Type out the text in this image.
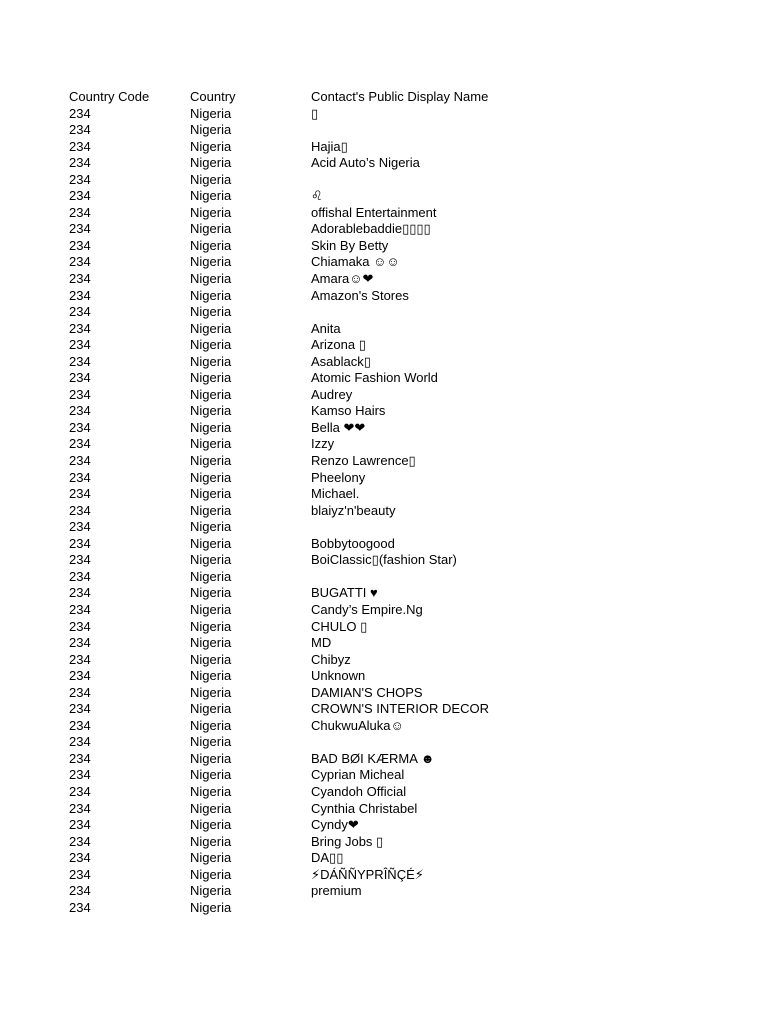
Country Code	Country	Contact's Public Display Name
234	Nigeria	▯
234	Nigeria
234	Nigeria	Hajia▯
234	Nigeria	Acid Auto’s Nigeria
234	Nigeria
234	Nigeria	♌
234	Nigeria	offishal Entertainment
234	Nigeria	Adorablebaddie▯▯▯▯
234	Nigeria	Skin By Betty
234	Nigeria	Chiamaka ☺☺
234	Nigeria	Amara☺❤
234	Nigeria	Amazon's Stores
234	Nigeria
234	Nigeria	Anita
234	Nigeria	Arizona ▯
234	Nigeria	Asablack▯
234	Nigeria	Atomic Fashion World
234	Nigeria	Audrey
234	Nigeria	Kamso Hairs
234	Nigeria	Bella ❤❤
234	Nigeria	Izzy
234	Nigeria	Renzo Lawrence▯
234	Nigeria	Pheelony
234	Nigeria	Michael.
234	Nigeria	blaiyz'n'beauty
234	Nigeria
234	Nigeria	Bobbytoogood
234	Nigeria	BoiClassic▯(fashion Star)
234	Nigeria
234	Nigeria	BUGATTI ♥
234	Nigeria	Candy’s Empire.Ng
234	Nigeria	CHULO ▯
234	Nigeria	MD
234	Nigeria	Chibyz
234	Nigeria	Unknown
234	Nigeria	DAMIAN'S CHOPS
234	Nigeria	CROWN'S INTERIOR DECOR
234	Nigeria	ChukwuAluka☺
234	Nigeria
234	Nigeria	BAD BØI KÆRMA ☻
234	Nigeria	Cyprian Micheal
234	Nigeria	Cyandoh Official
234	Nigeria	Cynthia Christabel
234	Nigeria	Cyndy❤
234	Nigeria	Bring Jobs ▯
234	Nigeria	DA▯▯
234	Nigeria	⚡DÁÑÑYPRÎÑÇÉ⚡
234	Nigeria	premium
234	Nigeria
